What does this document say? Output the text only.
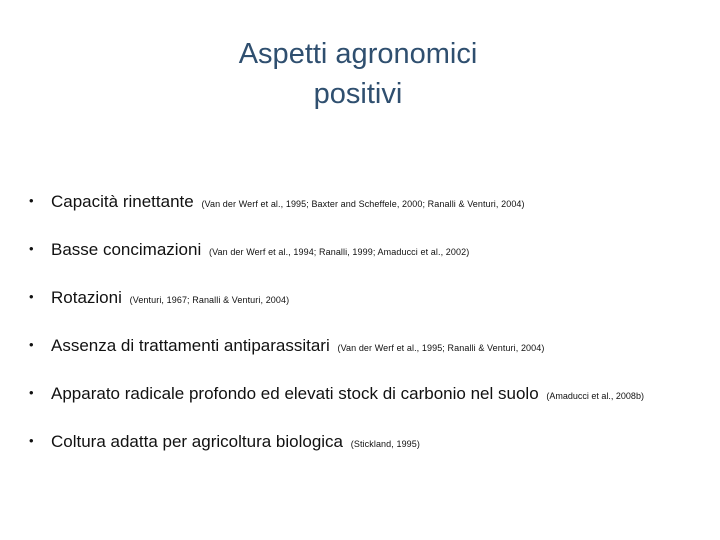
Aspetti agronomici
positivi
• Capacità rinettante (Van der Werf et al., 1995; Baxter and Scheffele, 2000; Ranalli & Venturi, 2004)
• Basse concimazioni (Van der Werf et al., 1994; Ranalli, 1999; Amaducci et al., 2002)
• Rotazioni (Venturi, 1967; Ranalli & Venturi, 2004)
• Assenza di trattamenti antiparassitari (Van der Werf et al., 1995; Ranalli & Venturi, 2004)
• Apparato radicale profondo ed elevati stock di carbonio nel suolo (Amaducci et al., 2008b)
• Coltura adatta per agricoltura biologica (Stickland, 1995)
